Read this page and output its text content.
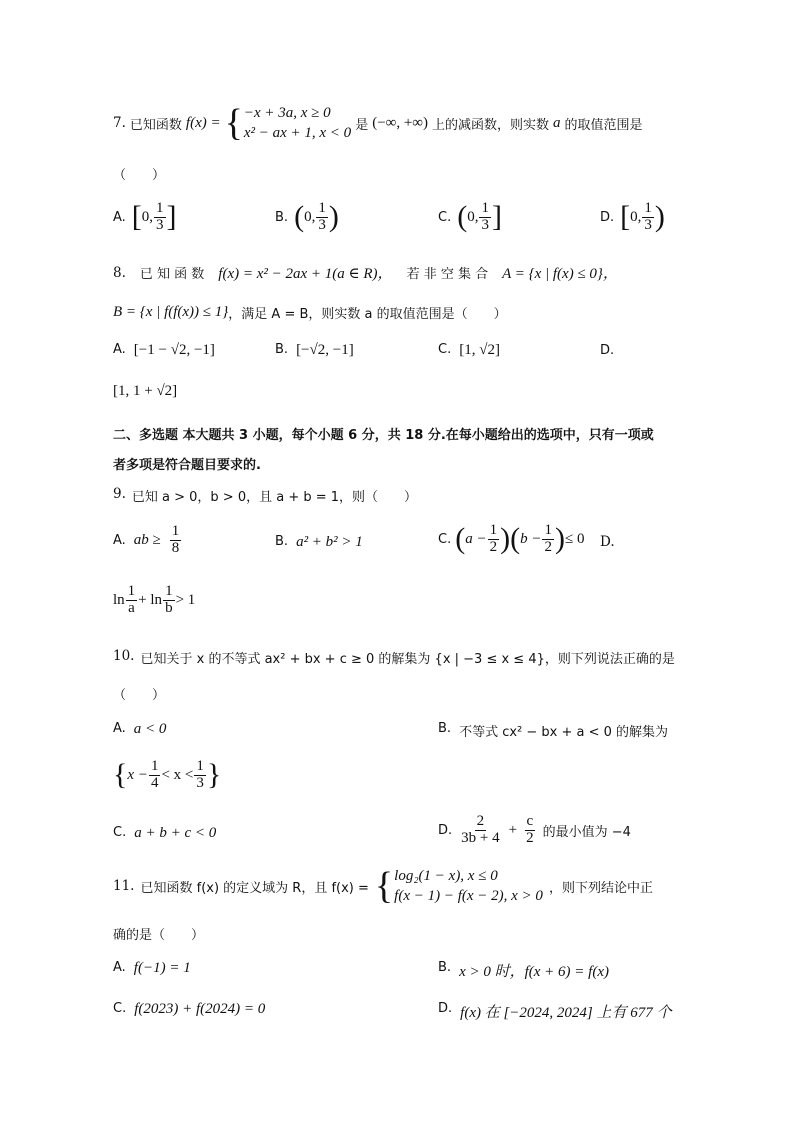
7. 已知函数 f(x) = { −x + 3a, x ≥ 0
x² − ax + 1, x < 0 是 (−∞, +∞) 上的减函数，则实数 a 的取值范围是
（　　）
A. [ 0, $\frac{1}{3}$ ]	B. ( 0, $\frac{1}{3}$ )	C. ( 0, $\frac{1}{3}$ ]	D. [ 0, $\frac{1}{3}$ )
8. 已 知 函 数 f(x) = x² − 2ax + 1(a ∈ R)， 若 非 空 集 合 A = {x | f(x) ≤ 0}，
B = {x | f(f(x)) ≤ 1} ，满足 A = B，则实数 a 的取值范围是（　　）
A. [−1 − √2, −1]	B. [−√2, −1]	C. [1, √2]	D.
[1, 1 + √2]
二、多选题 本大题共 3 小题，每个小题 6 分，共 18 分.在每小题给出的选项中，只有一项或
者多项是符合题目要求的.
9. 已知 a > 0，b > 0，且 a + b = 1，则（　　）
A. ab ≥ $\frac{1}{8}$	B. a² + b² > 1	C. ( $a - \frac{1}{2}$ ) ( $b - \frac{1}{2}$ ) ≤ 0 D.
$\ln \frac{1}{a} + \ln \frac{1}{b} > 1$
10. 已知关于 x 的不等式 ax² + bx + c ≥ 0 的解集为 {x | −3 ≤ x ≤ 4}，则下列说法正确的是
（　　）
A. a < 0	B. 不等式 cx² − bx + a < 0 的解集为
{ $x - \frac{1}{4} < x < \frac{1}{3}$ }
C. a + b + c < 0	D. $\frac{2}{3b + 4} + \frac{c}{2}$ 的最小值为 −4
11. 已知函数 f(x) 的定义域为 R，且 f(x) = { log₂(1 − x), x ≤ 0
f(x − 1) − f(x − 2), x > 0 ，则下列结论中正
确的是（　　）
A. f(−1) = 1	B. x > 0 时，f(x + 6) = f(x)
C. f(2023) + f(2024) = 0	D. f(x) 在 [−2024, 2024] 上有 677 个
